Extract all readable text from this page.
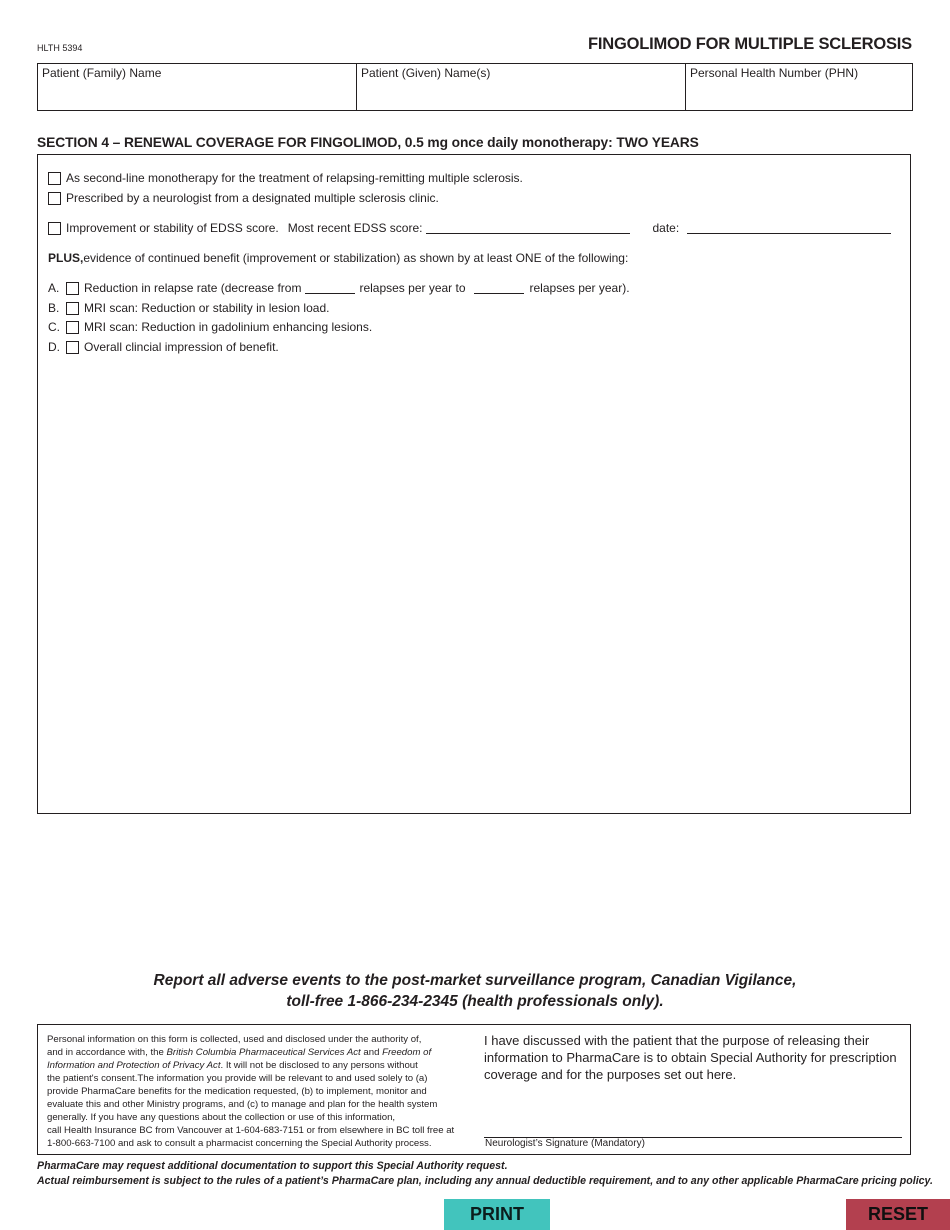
HLTH 5394	FINGOLIMOD FOR MULTIPLE SCLEROSIS
Patient (Family) Name	Patient (Given) Name(s)	Personal Health Number (PHN)
SECTION 4 – RENEWAL COVERAGE FOR FINGOLIMOD, 0.5 mg once daily monotherapy: TWO YEARS
As second-line monotherapy for the treatment of relapsing-remitting multiple sclerosis.
Prescribed by a neurologist from a designated multiple sclerosis clinic.
Improvement or stability of EDSS score. Most recent EDSS score:	date:
PLUS, evidence of continued benefit (improvement or stabilization) as shown by at least ONE of the following:
A.	Reduction in relapse rate (decrease from	relapses per year to	relapses per year).
B.	MRI scan: Reduction or stability in lesion load.
C.	MRI scan: Reduction in gadolinium enhancing lesions.
D.	Overall clincial impression of benefit.
Report all adverse events to the post-market surveillance program, Canadian Vigilance,
toll-free 1-866-234-2345 (health professionals only).
Personal information on this form is collected, used and disclosed under the authority of,
and in accordance with, the British Columbia Pharmaceutical Services Act and Freedom of
Information and Protection of Privacy Act. It will not be disclosed to any persons without
the patient's consent.The information you provide will be relevant to and used solely to (a)
provide PharmaCare benefits for the medication requested, (b) to implement, monitor and
evaluate this and other Ministry programs, and (c) to manage and plan for the health system
generally. If you have any questions about the collection or use of this information,
call Health Insurance BC from Vancouver at 1-604-683-7151 or from elsewhere in BC toll free at
1-800-663-7100 and ask to consult a pharmacist concerning the Special Authority process.
I have discussed with the patient that the purpose of releasing their information to PharmaCare is to obtain Special Authority for prescription coverage and for the purposes set out here.
Neurologist’s Signature (Mandatory)
PharmaCare may request additional documentation to support this Special Authority request.
Actual reimbursement is subject to the rules of a patient’s PharmaCare plan, including any annual deductible requirement, and to any other applicable PharmaCare pricing policy.
PRINT	RESET
